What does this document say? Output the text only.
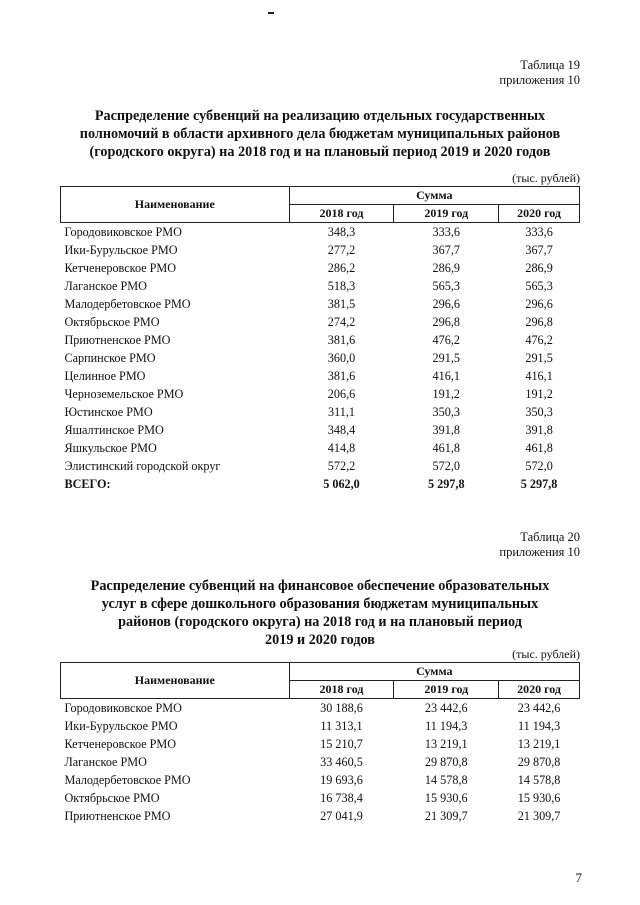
Таблица 19
приложения 10
Распределение субвенций на реализацию отдельных государственных
полномочий в области архивного дела бюджетам муниципальных районов
(городского округа) на 2018 год и на плановый период 2019 и 2020 годов
(тыс. рублей)
Наименование	Сумма		
	2018 год	2019 год	2020 год
Городовиковское РМО	348,3	333,6	333,6
Ики-Бурульское РМО	277,2	367,7	367,7
Кетченеровское РМО	286,2	286,9	286,9
Лаганское РМО	518,3	565,3	565,3
Малодербетовское РМО	381,5	296,6	296,6
Октябрьское РМО	274,2	296,8	296,8
Приютненское РМО	381,6	476,2	476,2
Сарпинское РМО	360,0	291,5	291,5
Целинное РМО	381,6	416,1	416,1
Черноземельское РМО	206,6	191,2	191,2
Юстинское РМО	311,1	350,3	350,3
Яшалтинское РМО	348,4	391,8	391,8
Яшкульское РМО	414,8	461,8	461,8
Элистинский городской округ	572,2	572,0	572,0
ВСЕГО:	5 062,0	5 297,8	5 297,8
Таблица 20
приложения 10
Распределение субвенций на финансовое обеспечение образовательных
услуг в сфере дошкольного образования бюджетам муниципальных
районов (городского округа) на 2018 год и на плановый период
2019 и 2020 годов
(тыс. рублей)
Наименование	Сумма		
	2018 год	2019 год	2020 год
Городовиковское РМО	30 188,6	23 442,6	23 442,6
Ики-Бурульское РМО	11 313,1	11 194,3	11 194,3
Кетченеровское РМО	15 210,7	13 219,1	13 219,1
Лаганское РМО	33 460,5	29 870,8	29 870,8
Малодербетовское РМО	19 693,6	14 578,8	14 578,8
Октябрьское РМО	16 738,4	15 930,6	15 930,6
Приютненское РМО	27 041,9	21 309,7	21 309,7
7
